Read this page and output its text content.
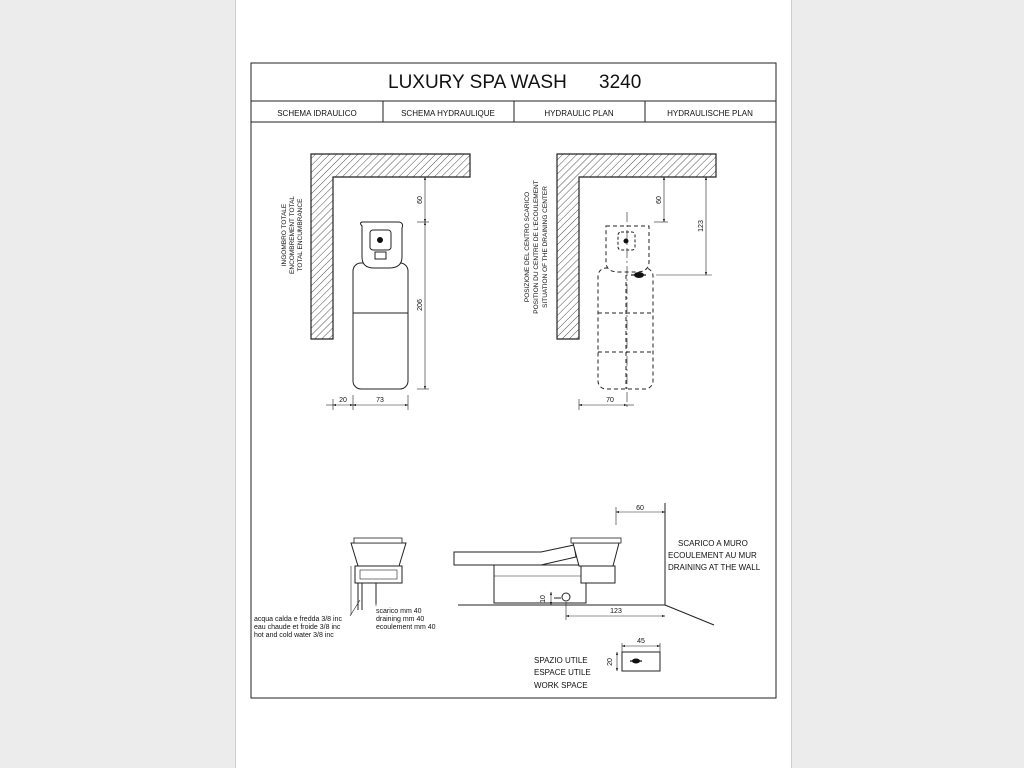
LUXURY SPA WASH 3240
SCHEMA IDRAULICO	SCHEMA HYDRAULIQUE	HYDRAULIC PLAN	HYDRAULISCHE PLAN
60
206
20	73
INGOMBRO TOTALE ENCOMBREMENT TOTAL TOTAL ENCUMBRANCE	60
123
70
POSIZIONE DEL CENTRO SCARICO POSITION DU CENTRE DE L'ECOULEMENT SITUATION OF THE DRAINING CENTER
acqua calda e fredda 3/8 inc
eau chaude et froide 3/8 inc
hot and cold water 3/8 inc
scarico mm 40
draining mm 40
ecoulement mm 40
60
10
123
SCARICO A MURO
ECOULEMENT AU MUR
DRAINING AT THE WALL
45
20
SPAZIO UTILE
ESPACE UTILE
WORK SPACE
